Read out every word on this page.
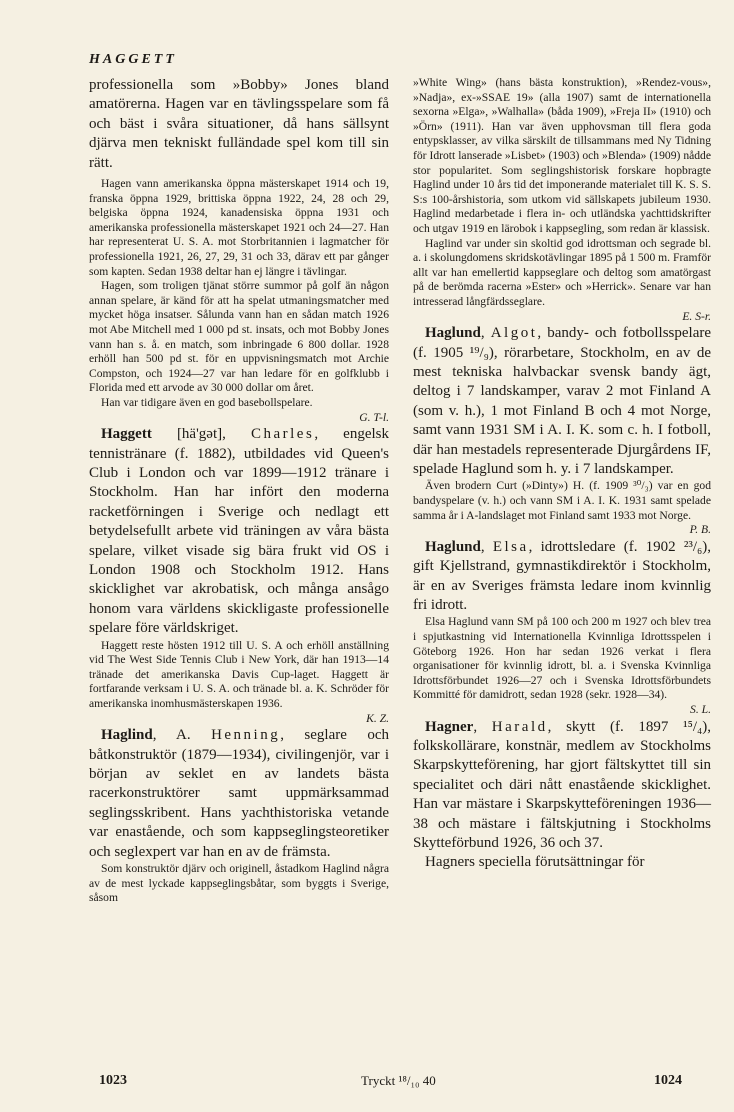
HAGGETT

professionella som »Bobby» Jones bland amatörerna. Hagen var en tävlingsspelare som få och bäst i svåra situationer, då hans sällsynt djärva men tekniskt fulländade spel kom till sin rätt.

Hagen vann amerikanska öppna mästerskapet 1914 och 19, franska öppna 1929, brittiska öppna 1922, 24, 28 och 29, belgiska öppna 1924, kanadensiska öppna 1931 och amerikanska professionella mästerskapet 1921 och 24—27. Han har representerat U. S. A. mot Storbritannien i lagmatcher för professionella 1921, 26, 27, 29, 31 och 33, därav ett par gånger som kapten. Sedan 1938 deltar han ej längre i tävlingar.

Hagen, som troligen tjänat större summor på golf än någon annan spelare, är känd för att ha spelat utmaningsmatcher med mycket höga insatser. Sålunda vann han en sådan match 1926 mot Abe Mitchell med 1 000 pd st. insats, och mot Bobby Jones vann han s. å. en match, som inbringade 6 800 dollar. 1928 erhöll han 500 pd st. för en uppvisningsmatch mot Archie Compston, och 1924—27 var han ledare för en golfklubb i Florida med ett arvode av 30 000 dollar om året.

Han var tidigare även en god basebollspelare.

G. T-l.

Haggett [hä'gət], Charles, engelsk tennistränare (f. 1882), utbildades vid Queen's Club i London och var 1899—1912 tränare i Stockholm. Han har infört den moderna racketförningen i Sverige och nedlagt ett betydelsefullt arbete vid träningen av våra bästa spelare, vilket visade sig bära frukt vid OS i London 1908 och Stockholm 1912. Hans skicklighet var akrobatisk, och många ansågo honom vara världens skickligaste professionelle spelare före världskriget.

Haggett reste hösten 1912 till U. S. A och erhöll anställning vid The West Side Tennis Club i New York, där han 1913—14 tränade det amerikanska Davis Cup-laget. Haggett är fortfarande verksam i U. S. A. och tränade bl. a. K. Schröder för amerikanska inomhusmästerskapen 1936.

K. Z.

Haglind, A. Henning, seglare och båtkonstruktör (1879—1934), civilingenjör, var i början av seklet en av landets bästa racerkonstruktörer samt uppmärksammad seglingsskribent. Hans yachthistoriska vetande var enastående, och som kappseglingsteoretiker och seglexpert var han en av de främsta.

Som konstruktör djärv och originell, åstadkom Haglind några av de mest lyckade kappseglingsbåtar, som byggts i Sverige, såsom

»White Wing» (hans bästa konstruktion), »Rendez-vous», »Nadja», ex-»SSAE 19» (alla 1907) samt de internationella sexorna »Elga», »Walhalla» (båda 1909), »Freja II» (1910) och »Örn» (1911). Han var även upphovsman till flera goda entypsklasser, av vilka särskilt de tillsammans med Ny Tidning för Idrott lanserade »Lisbet» (1903) och »Blenda» (1909) nådde stor popularitet. Som seglingshistorisk forskare hopbragte Haglind under 10 års tid det imponerande materialet till K. S. S. S:s 100-årshistoria, som utkom vid sällskapets jubileum 1930. Haglind medarbetade i flera in- och utländska yachttidskrifter och utgav 1919 en lärobok i kappsegling, som redan är klassisk.

Haglind var under sin skoltid god idrottsman och segrade bl. a. i skolungdomens skridskotävlingar 1895 på 1 500 m. Framför allt var han emellertid kappseglare och deltog som amatörgast på de berömda racerna »Ester» och »Herrick». Senare var han intresserad långfärdsseglare.

E. S-r.

Haglund, Algot, bandy- och fotbollsspelare (f. 1905 ¹⁹/₉), rörarbetare, Stockholm, en av de mest tekniska halvbackar svensk bandy ägt, deltog i 7 landskamper, varav 2 mot Finland A (som v. h.), 1 mot Finland B och 4 mot Norge, samt vann 1931 SM i A. I. K. som c. h. I fotboll, där han mestadels representerade Djurgårdens IF, spelade Haglund som h. y. i 7 landskamper.

Även brodern Curt (»Dinty») H. (f. 1909 ³⁰/₃) var en god bandyspelare (v. h.) och vann SM i A. I. K. 1931 samt spelade samma år i A-landslaget mot Finland samt 1933 mot Norge.

P. B.

Haglund, Elsa, idrottsledare (f. 1902 ²³/₆), gift Kjellstrand, gymnastikdirektör i Stockholm, är en av Sveriges främsta ledare inom kvinnlig fri idrott.

Elsa Haglund vann SM på 100 och 200 m 1927 och blev trea i spjutkastning vid Internationella Kvinnliga Idrottsspelen i Göteborg 1926. Hon har sedan 1926 verkat i flera organisationer för kvinnlig idrott, bl. a. i Svenska Kvinnliga Idrottsförbundet 1926—27 och i Svenska Idrottsförbundets Kommitté för damidrott, sedan 1928 (sekr. 1928—34).

S. L.

Hagner, Harald, skytt (f. 1897 ¹⁵/₄), folkskollärare, konstnär, medlem av Stockholms Skarpskytteförening, har gjort fältskyttet till sin specialitet och däri nått enastående skicklighet. Han var mästare i Skarpskytteföreningen 1936—38 och mästare i fältskjutning i Stockholms Skytteförbund 1926, 36 och 37.

Hagners speciella förutsättningar för

1023	Tryckt ¹⁸/₁₀ 40	1024
